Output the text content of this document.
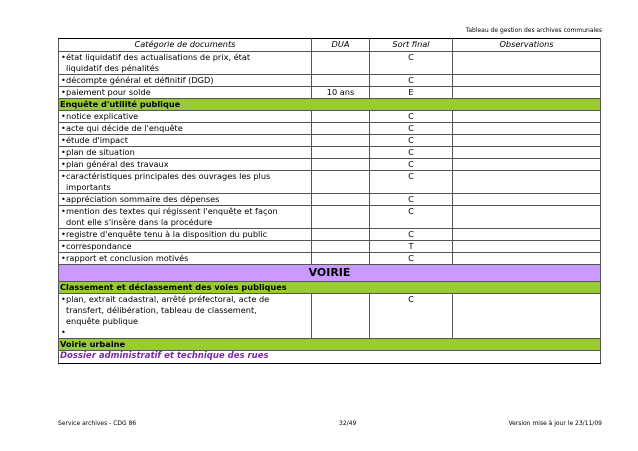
Tableau de gestion des archives communales
Catégorie de documents	DUA	Sort final	Observations

•état liquidatif des actualisations de prix, état
liquidatif des pénalités		C	

•décompte général et définitif (DGD)		C	

•paiement pour solde	10 ans	E	
Enquête d'utilité publique			

•notice explicative		C	

•acte qui décide de l'enquête		C	

•étude d'impact		C	

•plan de situation		C	

•plan général des travaux		C	

•caractéristiques principales des ouvrages les plus
importants		C	

•appréciation sommaire des dépenses		C	

•mention des textes qui régissent l'enquête et façon
dont elle s'insère dans la procédure		C	

•registre d'enquête tenu à la disposition du public		C	

•correspondance		T	

•rapport et conclusion motivés		C	
VOIRIE			
Classement et déclassement des voies publiques			

•plan, extrait cadastral, arrêté préfectoral, acte de
transfert, délibération, tableau de classement,
enquête publique
•		C	
Voirie urbaine			
Dossier administratif et technique des rues			
Service archives - CDG 86	32/49	Version mise à jour le 23/11/09
